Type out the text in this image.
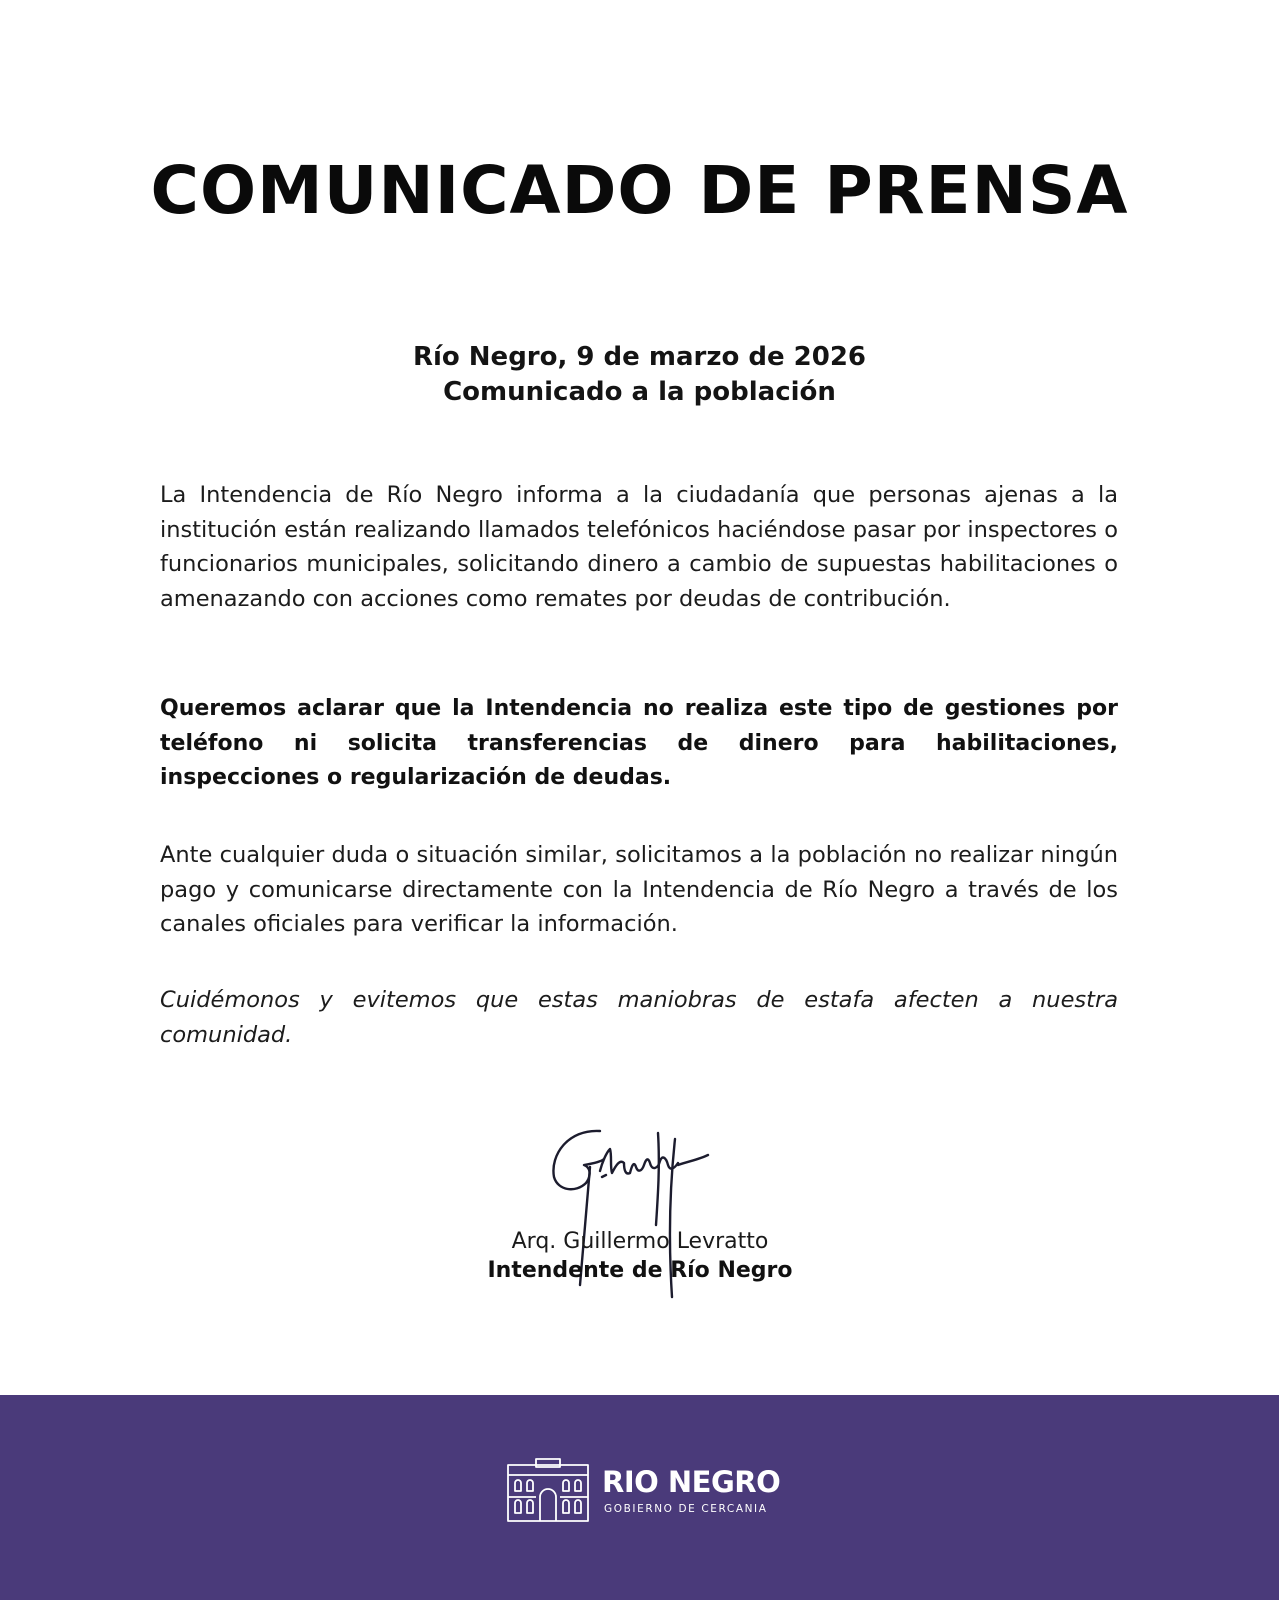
COMUNICADO DE PRENSA
Río Negro, 9 de marzo de 2026
Comunicado a la población

La Intendencia de Río Negro informa a la ciudadanía que personas ajenas a la institución están realizando llamados telefónicos haciéndose pasar por inspectores o funcionarios municipales, solicitando dinero a cambio de supuestas habilitaciones o amenazando con acciones como remates por deudas de contribución.

Queremos aclarar que la Intendencia no realiza este tipo de gestiones por teléfono ni solicita transferencias de dinero para habilitaciones, inspecciones o regularización de deudas.

Ante cualquier duda o situación similar, solicitamos a la población no realizar ningún pago y comunicarse directamente con la Intendencia de Río Negro a través de los canales oficiales para verificar la información.

Cuidémonos y evitemos que estas maniobras de estafa afecten a nuestra comunidad.

Arq. Guillermo Levratto
Intendente de Río Negro
RIO NEGRO
GOBIERNO DE CERCANIA
